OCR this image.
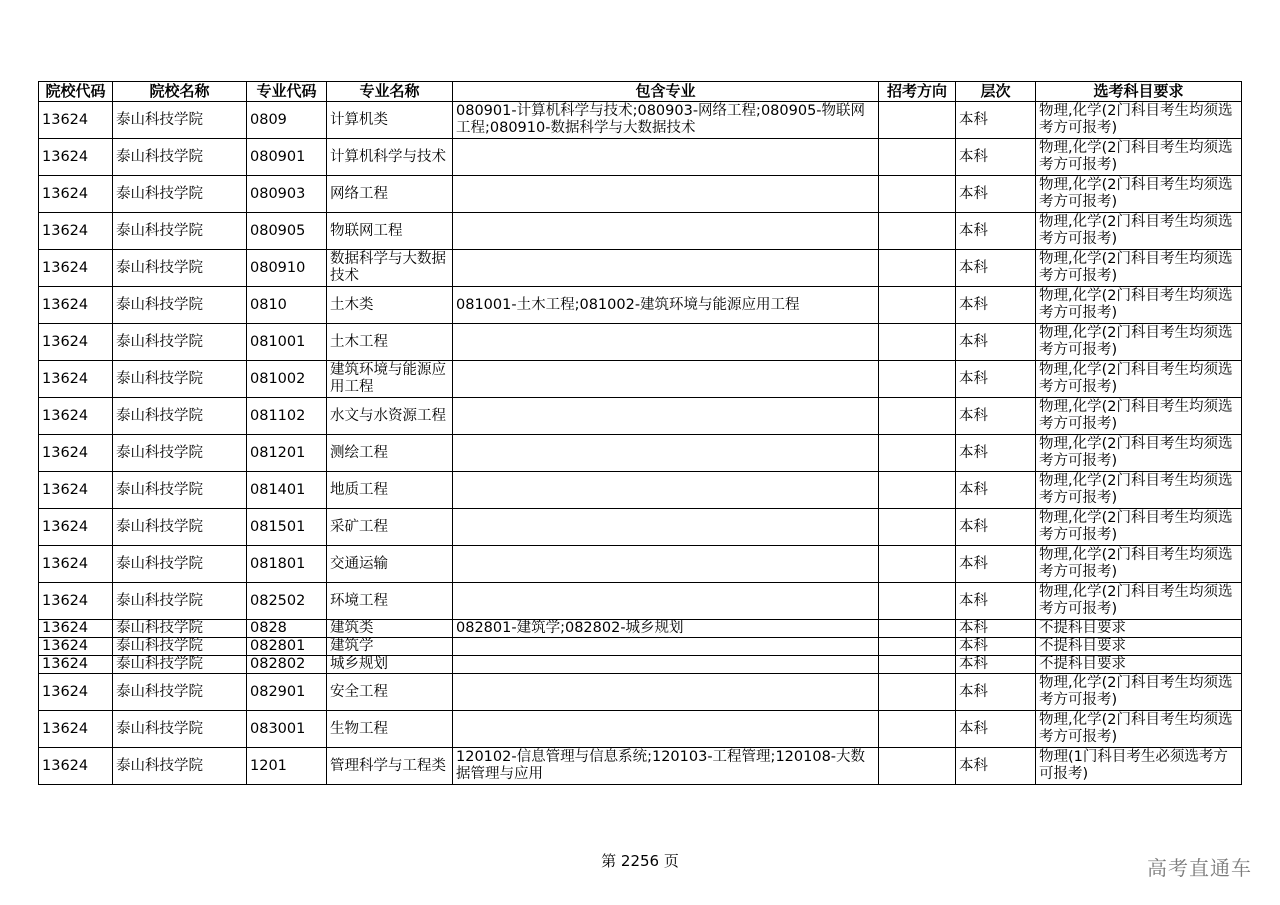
院校代码	院校名称	专业代码	专业名称	包含专业	招考方向	层次	选考科目要求

13624	泰山科技学院	0809	计算机类	080901-计算机科学与技术;080903-网络工程;080905-物联网工程;080910-数据科学与大数据技术		本科	物理,化学(2门科目考生均须选考方可报考)

13624	泰山科技学院	080901	计算机科学与技术			本科	物理,化学(2门科目考生均须选考方可报考)

13624	泰山科技学院	080903	网络工程			本科	物理,化学(2门科目考生均须选考方可报考)

13624	泰山科技学院	080905	物联网工程			本科	物理,化学(2门科目考生均须选考方可报考)

13624	泰山科技学院	080910	数据科学与大数据技术			本科	物理,化学(2门科目考生均须选考方可报考)

13624	泰山科技学院	0810	土木类	081001-土木工程;081002-建筑环境与能源应用工程		本科	物理,化学(2门科目考生均须选考方可报考)

13624	泰山科技学院	081001	土木工程			本科	物理,化学(2门科目考生均须选考方可报考)

13624	泰山科技学院	081002	建筑环境与能源应用工程			本科	物理,化学(2门科目考生均须选考方可报考)

13624	泰山科技学院	081102	水文与水资源工程			本科	物理,化学(2门科目考生均须选考方可报考)

13624	泰山科技学院	081201	测绘工程			本科	物理,化学(2门科目考生均须选考方可报考)

13624	泰山科技学院	081401	地质工程			本科	物理,化学(2门科目考生均须选考方可报考)

13624	泰山科技学院	081501	采矿工程			本科	物理,化学(2门科目考生均须选考方可报考)

13624	泰山科技学院	081801	交通运输			本科	物理,化学(2门科目考生均须选考方可报考)

13624	泰山科技学院	082502	环境工程			本科	物理,化学(2门科目考生均须选考方可报考)

13624	泰山科技学院	0828	建筑类	082801-建筑学;082802-城乡规划		本科	不提科目要求

13624	泰山科技学院	082801	建筑学			本科	不提科目要求

13624	泰山科技学院	082802	城乡规划			本科	不提科目要求

13624	泰山科技学院	082901	安全工程			本科	物理,化学(2门科目考生均须选考方可报考)

13624	泰山科技学院	083001	生物工程			本科	物理,化学(2门科目考生均须选考方可报考)

13624	泰山科技学院	1201	管理科学与工程类	120102-信息管理与信息系统;120103-工程管理;120108-大数据管理与应用		本科	物理(1门科目考生必须选考方可报考)
第 2256 页	高考直通车
